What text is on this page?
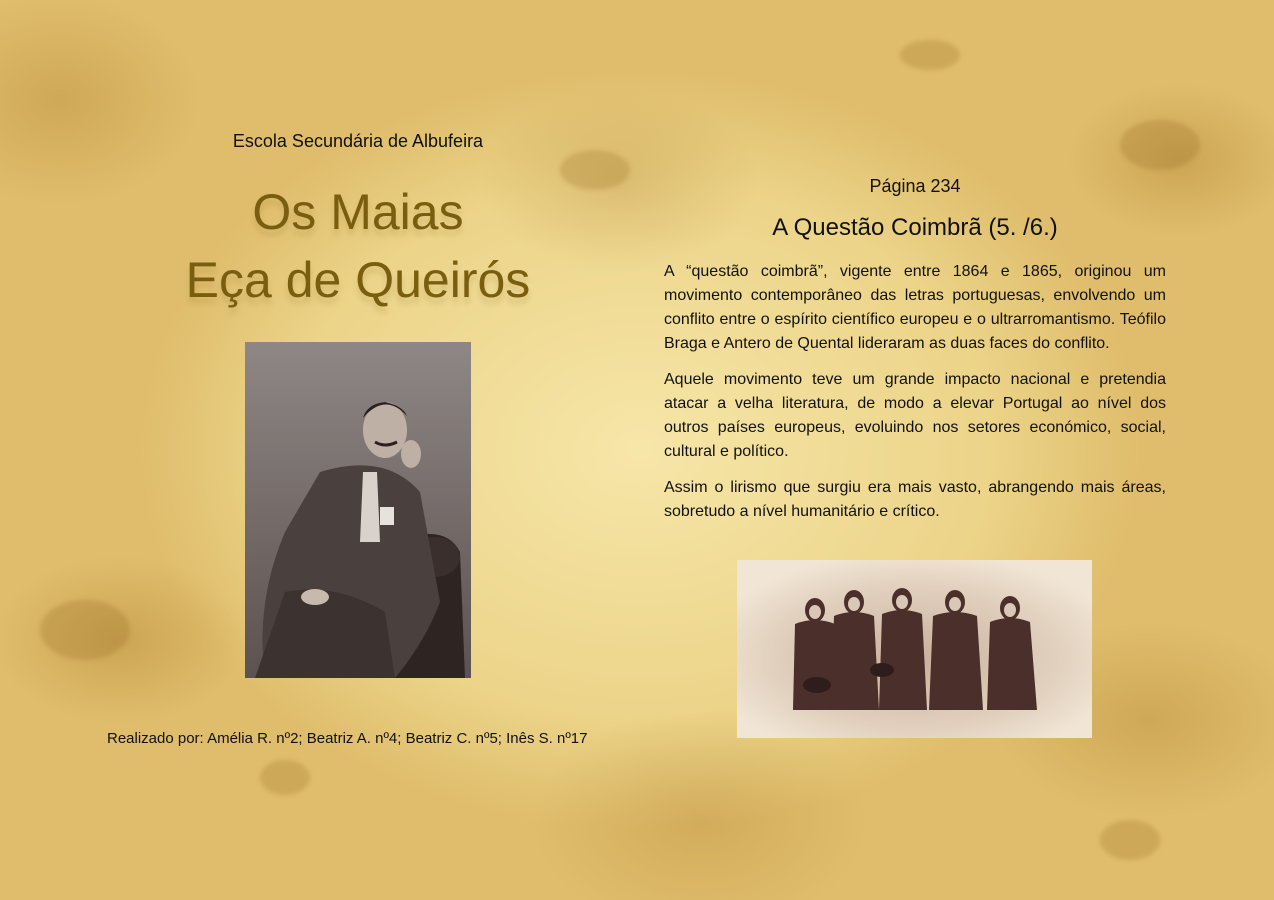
Escola Secundária de Albufeira
Os Maias
Eça de Queirós
Realizado por: Amélia R. nº2; Beatriz A. nº4; Beatriz C. nº5; Inês S. nº17
Página 234
A Questão Coimbrã (5. /6.)

A “questão coimbrã”, vigente entre 1864 e 1865, originou um movimento contemporâneo das letras portuguesas, envolvendo um conflito entre o espírito científico europeu e o ultrarromantismo. Teófilo Braga e Antero de Quental lideraram as duas faces do conflito.

Aquele movimento teve um grande impacto nacional e pretendia atacar a velha literatura, de modo a elevar Portugal ao nível dos outros países europeus, evoluindo nos setores económico, social, cultural e político.

Assim o lirismo que surgiu era mais vasto, abrangendo mais áreas, sobretudo a nível humanitário e crítico.
